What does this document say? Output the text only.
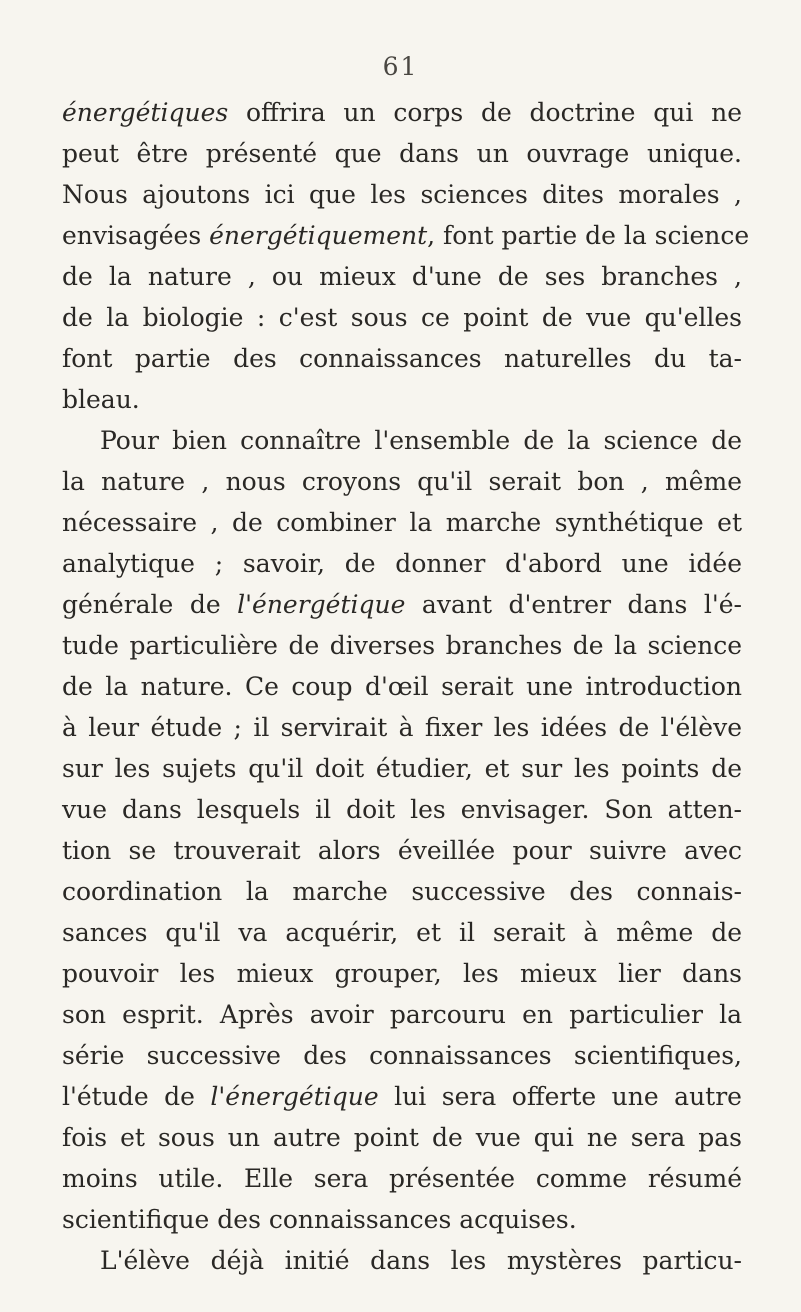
61
énergétiques offrira un corps de doctrine qui ne
peut être présenté que dans un ouvrage unique.
Nous ajoutons ici que les sciences dites morales ,
envisagées énergétiquement, font partie de la science
de la nature , ou mieux d'une de ses branches ,
de la biologie : c'est sous ce point de vue qu'elles
font partie des connaissances naturelles du ta-
bleau.
Pour bien connaître l'ensemble de la science de
la nature , nous croyons qu'il serait bon , même
nécessaire , de combiner la marche synthétique et
analytique ; savoir, de donner d'abord une idée
générale de l'énergétique avant d'entrer dans l'é-
tude particulière de diverses branches de la science
de la nature. Ce coup d'œil serait une introduction
à leur étude ; il servirait à fixer les idées de l'élève
sur les sujets qu'il doit étudier, et sur les points de
vue dans lesquels il doit les envisager. Son atten-
tion se trouverait alors éveillée pour suivre avec
coordination la marche successive des connais-
sances qu'il va acquérir, et il serait à même de
pouvoir les mieux grouper, les mieux lier dans
son esprit. Après avoir parcouru en particulier la
série successive des connaissances scientifiques,
l'étude de l'énergétique lui sera offerte une autre
fois et sous un autre point de vue qui ne sera pas
moins utile. Elle sera présentée comme résumé
scientifique des connaissances acquises.
L'élève déjà initié dans les mystères particu-
